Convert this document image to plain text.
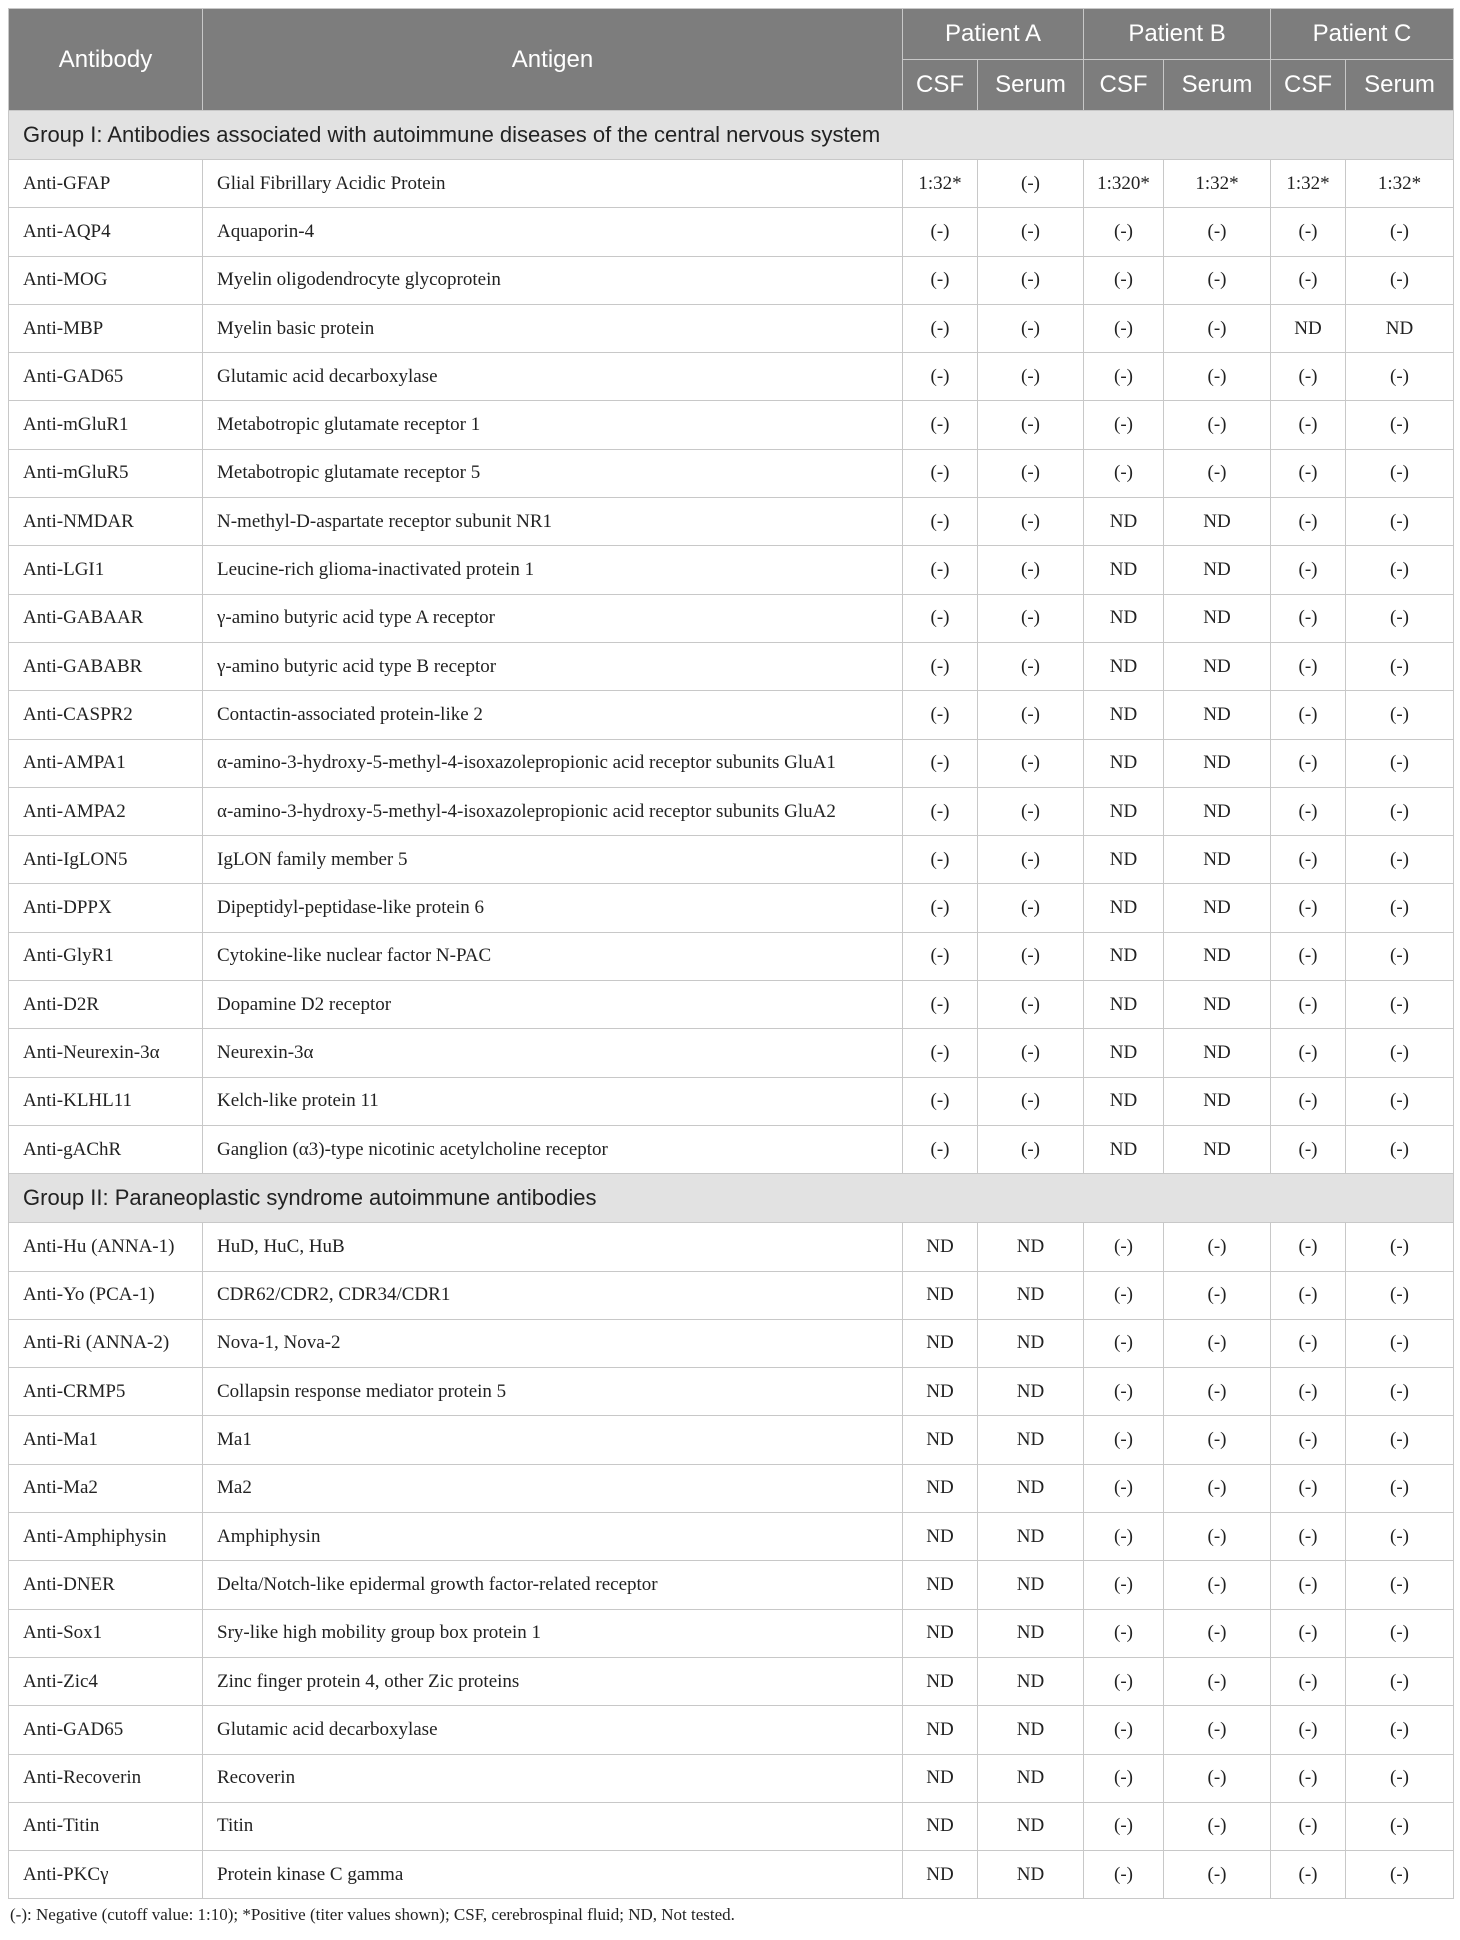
Antibody	Antigen	Patient A		Patient B		Patient C	
		CSF	Serum	CSF	Serum	CSF	Serum
Group I: Antibodies associated with autoimmune diseases of the central nervous system							
Anti-GFAP	Glial Fibrillary Acidic Protein	1:32*	(-)	1:320*	1:32*	1:32*	1:32*
Anti-AQP4	Aquaporin-4	(-)	(-)	(-)	(-)	(-)	(-)
Anti-MOG	Myelin oligodendrocyte glycoprotein	(-)	(-)	(-)	(-)	(-)	(-)
Anti-MBP	Myelin basic protein	(-)	(-)	(-)	(-)	ND	ND
Anti-GAD65	Glutamic acid decarboxylase	(-)	(-)	(-)	(-)	(-)	(-)
Anti-mGluR1	Metabotropic glutamate receptor 1	(-)	(-)	(-)	(-)	(-)	(-)
Anti-mGluR5	Metabotropic glutamate receptor 5	(-)	(-)	(-)	(-)	(-)	(-)
Anti-NMDAR	N-methyl-D-aspartate receptor subunit NR1	(-)	(-)	ND	ND	(-)	(-)
Anti-LGI1	Leucine-rich glioma-inactivated protein 1	(-)	(-)	ND	ND	(-)	(-)
Anti-GABAAR	γ-amino butyric acid type A receptor	(-)	(-)	ND	ND	(-)	(-)
Anti-GABABR	γ-amino butyric acid type B receptor	(-)	(-)	ND	ND	(-)	(-)
Anti-CASPR2	Contactin-associated protein-like 2	(-)	(-)	ND	ND	(-)	(-)
Anti-AMPA1	α-amino-3-hydroxy-5-methyl-4-isoxazolepropionic acid receptor subunits GluA1	(-)	(-)	ND	ND	(-)	(-)
Anti-AMPA2	α-amino-3-hydroxy-5-methyl-4-isoxazolepropionic acid receptor subunits GluA2	(-)	(-)	ND	ND	(-)	(-)
Anti-IgLON5	IgLON family member 5	(-)	(-)	ND	ND	(-)	(-)
Anti-DPPX	Dipeptidyl-peptidase-like protein 6	(-)	(-)	ND	ND	(-)	(-)
Anti-GlyR1	Cytokine-like nuclear factor N-PAC	(-)	(-)	ND	ND	(-)	(-)
Anti-D2R	Dopamine D2 receptor	(-)	(-)	ND	ND	(-)	(-)
Anti-Neurexin-3α	Neurexin-3α	(-)	(-)	ND	ND	(-)	(-)
Anti-KLHL11	Kelch-like protein 11	(-)	(-)	ND	ND	(-)	(-)
Anti-gAChR	Ganglion (α3)-type nicotinic acetylcholine receptor	(-)	(-)	ND	ND	(-)	(-)
Group II: Paraneoplastic syndrome autoimmune antibodies							
Anti-Hu (ANNA-1)	HuD, HuC, HuB	ND	ND	(-)	(-)	(-)	(-)
Anti-Yo (PCA-1)	CDR62/CDR2, CDR34/CDR1	ND	ND	(-)	(-)	(-)	(-)
Anti-Ri (ANNA-2)	Nova-1, Nova-2	ND	ND	(-)	(-)	(-)	(-)
Anti-CRMP5	Collapsin response mediator protein 5	ND	ND	(-)	(-)	(-)	(-)
Anti-Ma1	Ma1	ND	ND	(-)	(-)	(-)	(-)
Anti-Ma2	Ma2	ND	ND	(-)	(-)	(-)	(-)
Anti-Amphiphysin	Amphiphysin	ND	ND	(-)	(-)	(-)	(-)
Anti-DNER	Delta/Notch-like epidermal growth factor-related receptor	ND	ND	(-)	(-)	(-)	(-)
Anti-Sox1	Sry-like high mobility group box protein 1	ND	ND	(-)	(-)	(-)	(-)
Anti-Zic4	Zinc finger protein 4, other Zic proteins	ND	ND	(-)	(-)	(-)	(-)
Anti-GAD65	Glutamic acid decarboxylase	ND	ND	(-)	(-)	(-)	(-)
Anti-Recoverin	Recoverin	ND	ND	(-)	(-)	(-)	(-)
Anti-Titin	Titin	ND	ND	(-)	(-)	(-)	(-)
Anti-PKCγ	Protein kinase C gamma	ND	ND	(-)	(-)	(-)	(-)
(-): Negative (cutoff value: 1:10); *Positive (titer values shown); CSF, cerebrospinal fluid; ND, Not tested.
